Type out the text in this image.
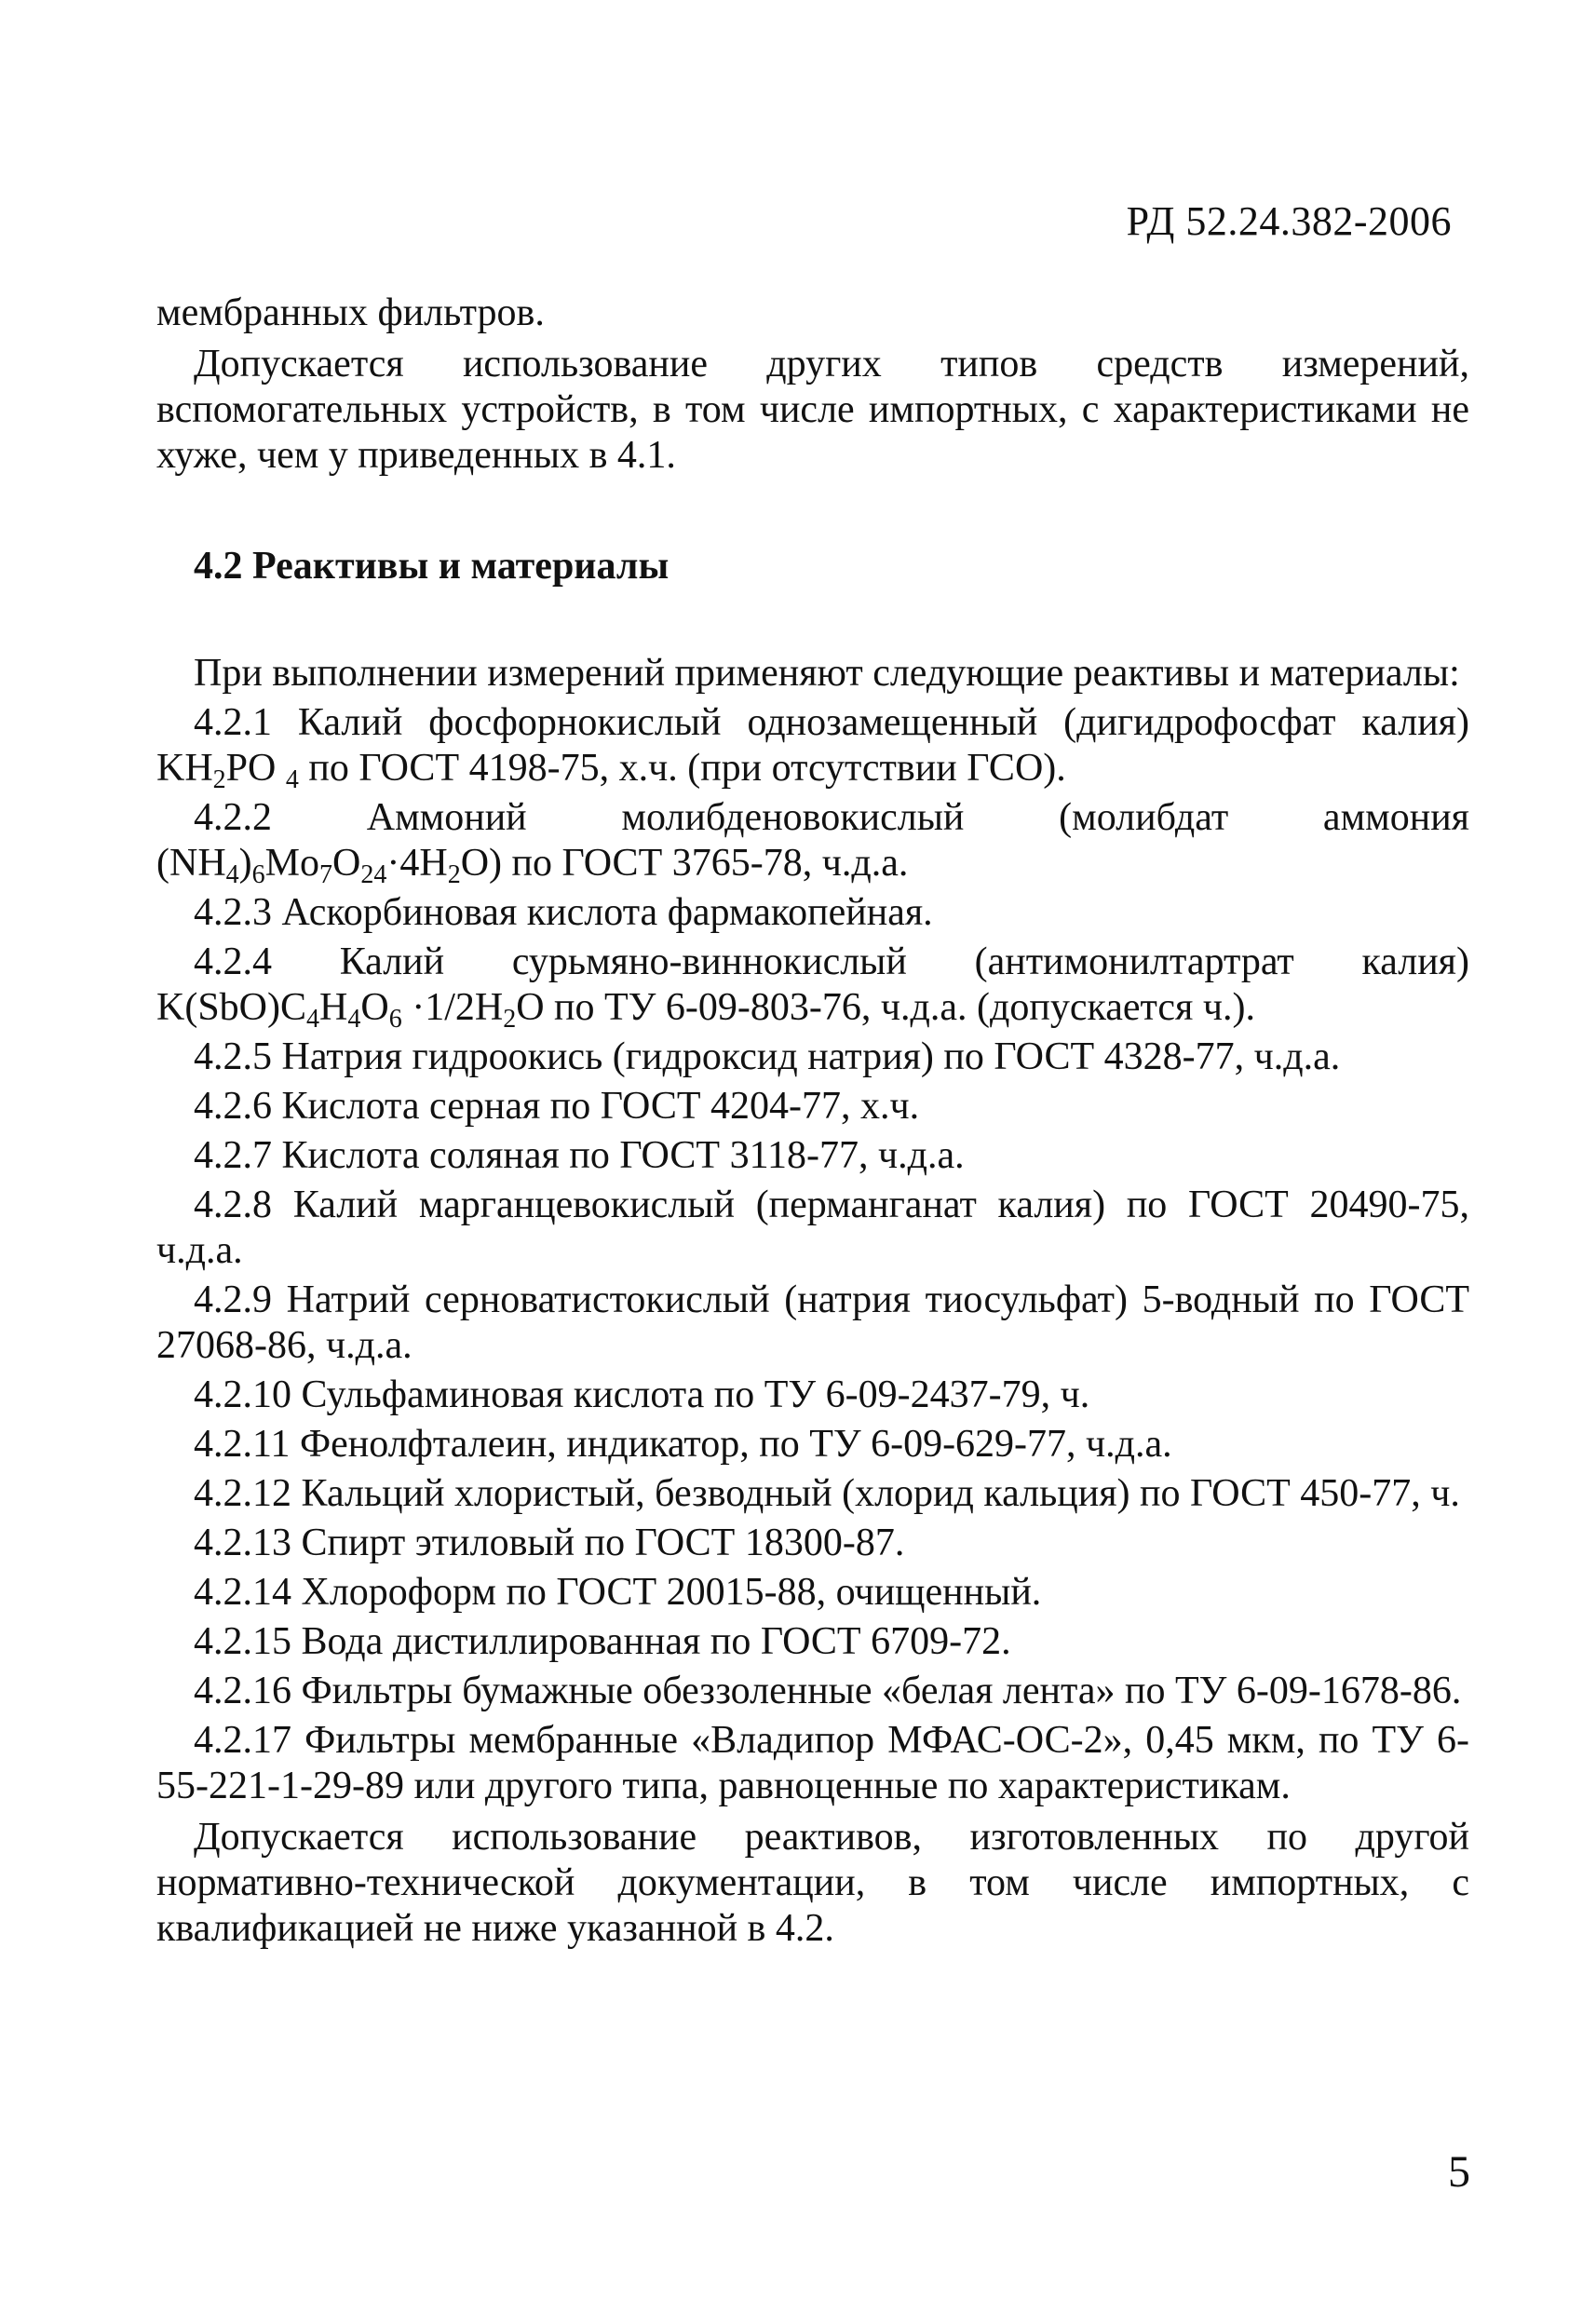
РД 52.24.382-2006

мембранных фильтров.

Допускается использование других типов средств измерений, вспомогательных устройств, в том числе импортных, с характеристиками не хуже, чем у приведенных в 4.1.

4.2 Реактивы и материалы

При выполнении измерений применяют следующие реактивы и материалы:

4.2.1 Калий фосфорнокислый однозамещенный (дигидрофосфат калия) $KH_2PO$ $_4$ по ГОСТ 4198-75, х.ч. (при отсутствии ГСО).

4.2.2 Аммоний молибденовокислый (молибдат аммония $(NH_4)_6Mo_7O_{24}\cdot 4H_2O$) по ГОСТ 3765-78, ч.д.а.

4.2.3 Аскорбиновая кислота фармакопейная.

4.2.4 Калий сурьмяно-виннокислый (антимонилтартрат калия) $K(SbO)C_4H_4O_6 \cdot 1/2H_2O$ по ТУ 6-09-803-76, ч.д.а. (допускается ч.).

4.2.5 Натрия гидроокись (гидроксид натрия) по ГОСТ 4328-77, ч.д.а.

4.2.6 Кислота серная по ГОСТ 4204-77, х.ч.

4.2.7 Кислота соляная по ГОСТ 3118-77, ч.д.а.

4.2.8 Калий марганцевокислый (перманганат калия) по ГОСТ 20490-75, ч.д.а.

4.2.9 Натрий серноватистокислый (натрия тиосульфат) 5-водный по ГОСТ 27068-86, ч.д.а.

4.2.10 Сульфаминовая кислота по ТУ 6-09-2437-79, ч.

4.2.11 Фенолфталеин, индикатор, по ТУ 6-09-629-77, ч.д.а.

4.2.12 Кальций хлористый, безводный (хлорид кальция) по ГОСТ 450-77, ч.

4.2.13 Спирт этиловый по ГОСТ 18300-87.

4.2.14 Хлороформ по ГОСТ 20015-88, очищенный.

4.2.15 Вода дистиллированная по ГОСТ 6709-72.

4.2.16 Фильтры бумажные обеззоленные «белая лента» по ТУ 6-09-1678-86.

4.2.17 Фильтры мембранные «Владипор МФАС-ОС-2», 0,45 мкм, по ТУ 6-55-221-1-29-89 или другого типа, равноценные по характеристикам.

Допускается использование реактивов, изготовленных по другой нормативно-технической документации, в том числе импортных, с квалификацией не ниже указанной в 4.2.

5
